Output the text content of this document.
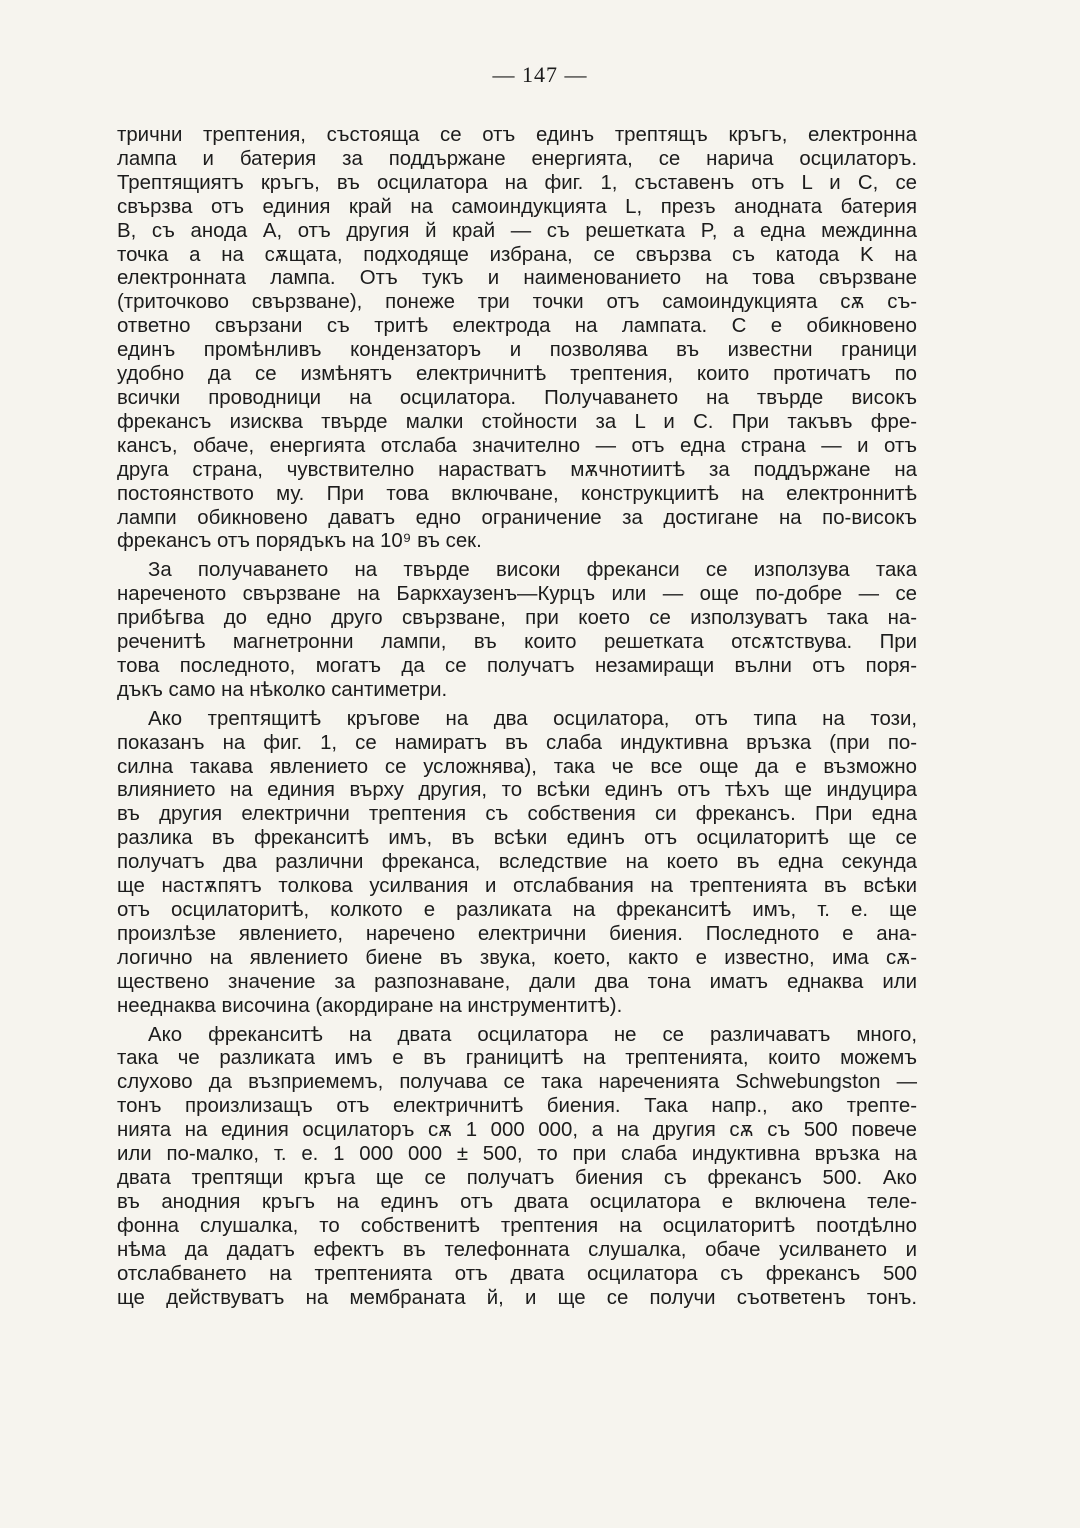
— 147 —
трични трептения, състояща се отъ единъ трептящъ кръгъ, електронна
лампа и батерия за поддържане енергията, се нарича осцилаторъ.
Трептящиятъ кръгъ, въ осцилатора на фиг. 1, съставенъ отъ L и C, се
свързва отъ единия край на самоиндукцията L, презъ анодната батерия
B, съ анода A, отъ другия й край — съ решетката P, а една междинна
точка a на сѫщата, подходяще избрана, се свързва съ катода K на
електронната лампа. Отъ тукъ и наименованието на това свързване
(триточково свързване), понеже три точки отъ самоиндукцията сѫ съ-
ответно свързани съ тритѣ електрода на лампата. C е обикновено
единъ промѣнливъ кондензаторъ и позволява въ известни граници
удобно да се измѣнятъ електричнитѣ трептения, които протичатъ по
всички проводници на осцилатора. Получаването на твърде високъ
фрекансъ изисква твърде малки стойности за L и C. При такъвъ фре-
кансъ, обаче, енергията отслаба значително — отъ една страна — и отъ
друга страна, чувствително нарастватъ мѫчнотиитѣ за поддържане на
постоянството му. При това включване, конструкциитѣ на електроннитѣ
лампи обикновено даватъ едно ограничение за достигане на по-високъ
фрекансъ отъ порядъкъ на 10⁹ въ сек.
За получаването на твърде високи фреканси се използува така
нареченото свързване на Баркхаузенъ—Курцъ или — още по-добре — се
прибѣгва до едно друго свързване, при което се използуватъ така на-
реченитѣ магнетронни лампи, въ които решетката отсѫтствува. При
това последното, могатъ да се получатъ незамиращи вълни отъ поря-
дъкъ само на нѣколко сантиметри.
Ако трептящитѣ кръгове на два осцилатора, отъ типа на този,
показанъ на фиг. 1, се намиратъ въ слаба индуктивна връзка (при по-
силна такава явлението се усложнява), така че все още да е възможно
влиянието на единия върху другия, то всѣки единъ отъ тѣхъ ще индуцира
въ другия електрични трептения съ собствения си фрекансъ. При една
разлика въ фреканситѣ имъ, въ всѣки единъ отъ осцилаторитѣ ще се
получатъ два различни фреканса, вследствие на което въ една секунда
ще настѫпятъ толкова усилвания и отслабвания на трептенията въ всѣки
отъ осцилаторитѣ, колкото е разликата на фреканситѣ имъ, т. е. ще
произлѣзе явлението, наречено електрични биения. Последното е ана-
логично на явлението биене въ звука, което, както е известно, има сѫ-
ществено значение за разпознаване, дали два тона иматъ еднаква или
нееднаква височина (акордиране на инструментитѣ).
Ако фреканситѣ на двата осцилатора не се различаватъ много,
така че разликата имъ е въ границитѣ на трептенията, които можемъ
слухово да възприемемъ, получава се така нареченията Schwebungston —
тонъ произлизащъ отъ електричнитѣ биения. Така напр., ако трепте-
нията на единия осцилаторъ сѫ 1 000 000, а на другия сѫ съ 500 повече
или по-малко, т. е. 1 000 000 ± 500, то при слаба индуктивна връзка на
двата трептящи кръга ще се получатъ биения съ фрекансъ 500. Ако
въ анодния кръгъ на единъ отъ двата осцилатора е включена теле-
фонна слушалка, то собственитѣ трептения на осцилаторитѣ поотдѣлно
нѣма да дадатъ ефектъ въ телефонната слушалка, обаче усилването и
отслабването на трептенията отъ двата осцилатора съ фрекансъ 500
ще действуватъ на мембраната й, и ще се получи съответенъ тонъ.
